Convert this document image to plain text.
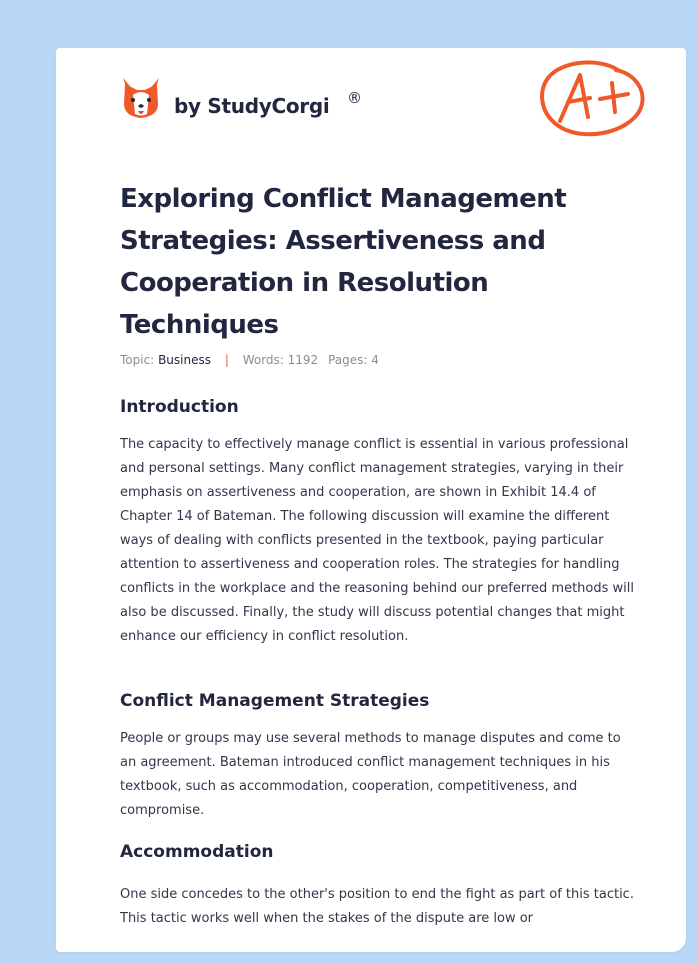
by StudyCorgi ®
Exploring Conflict Management Strategies: Assertiveness and Cooperation in Resolution Techniques
Topic: Business | Words: 1192 Pages: 4
Introduction

The capacity to effectively manage conflict is essential in various professional and personal settings. Many conflict management strategies, varying in their emphasis on assertiveness and cooperation, are shown in Exhibit 14.4 of Chapter 14 of Bateman. The following discussion will examine the different ways of dealing with conflicts presented in the textbook, paying particular attention to assertiveness and cooperation roles. The strategies for handling conflicts in the workplace and the reasoning behind our preferred methods will also be discussed. Finally, the study will discuss potential changes that might enhance our efficiency in conflict resolution.

Conflict Management Strategies

People or groups may use several methods to manage disputes and come to an agreement. Bateman introduced conflict management techniques in his textbook, such as accommodation, cooperation, competitiveness, and compromise.

Accommodation

One side concedes to the other's position to end the fight as part of this tactic. This tactic works well when the stakes of the dispute are low or
